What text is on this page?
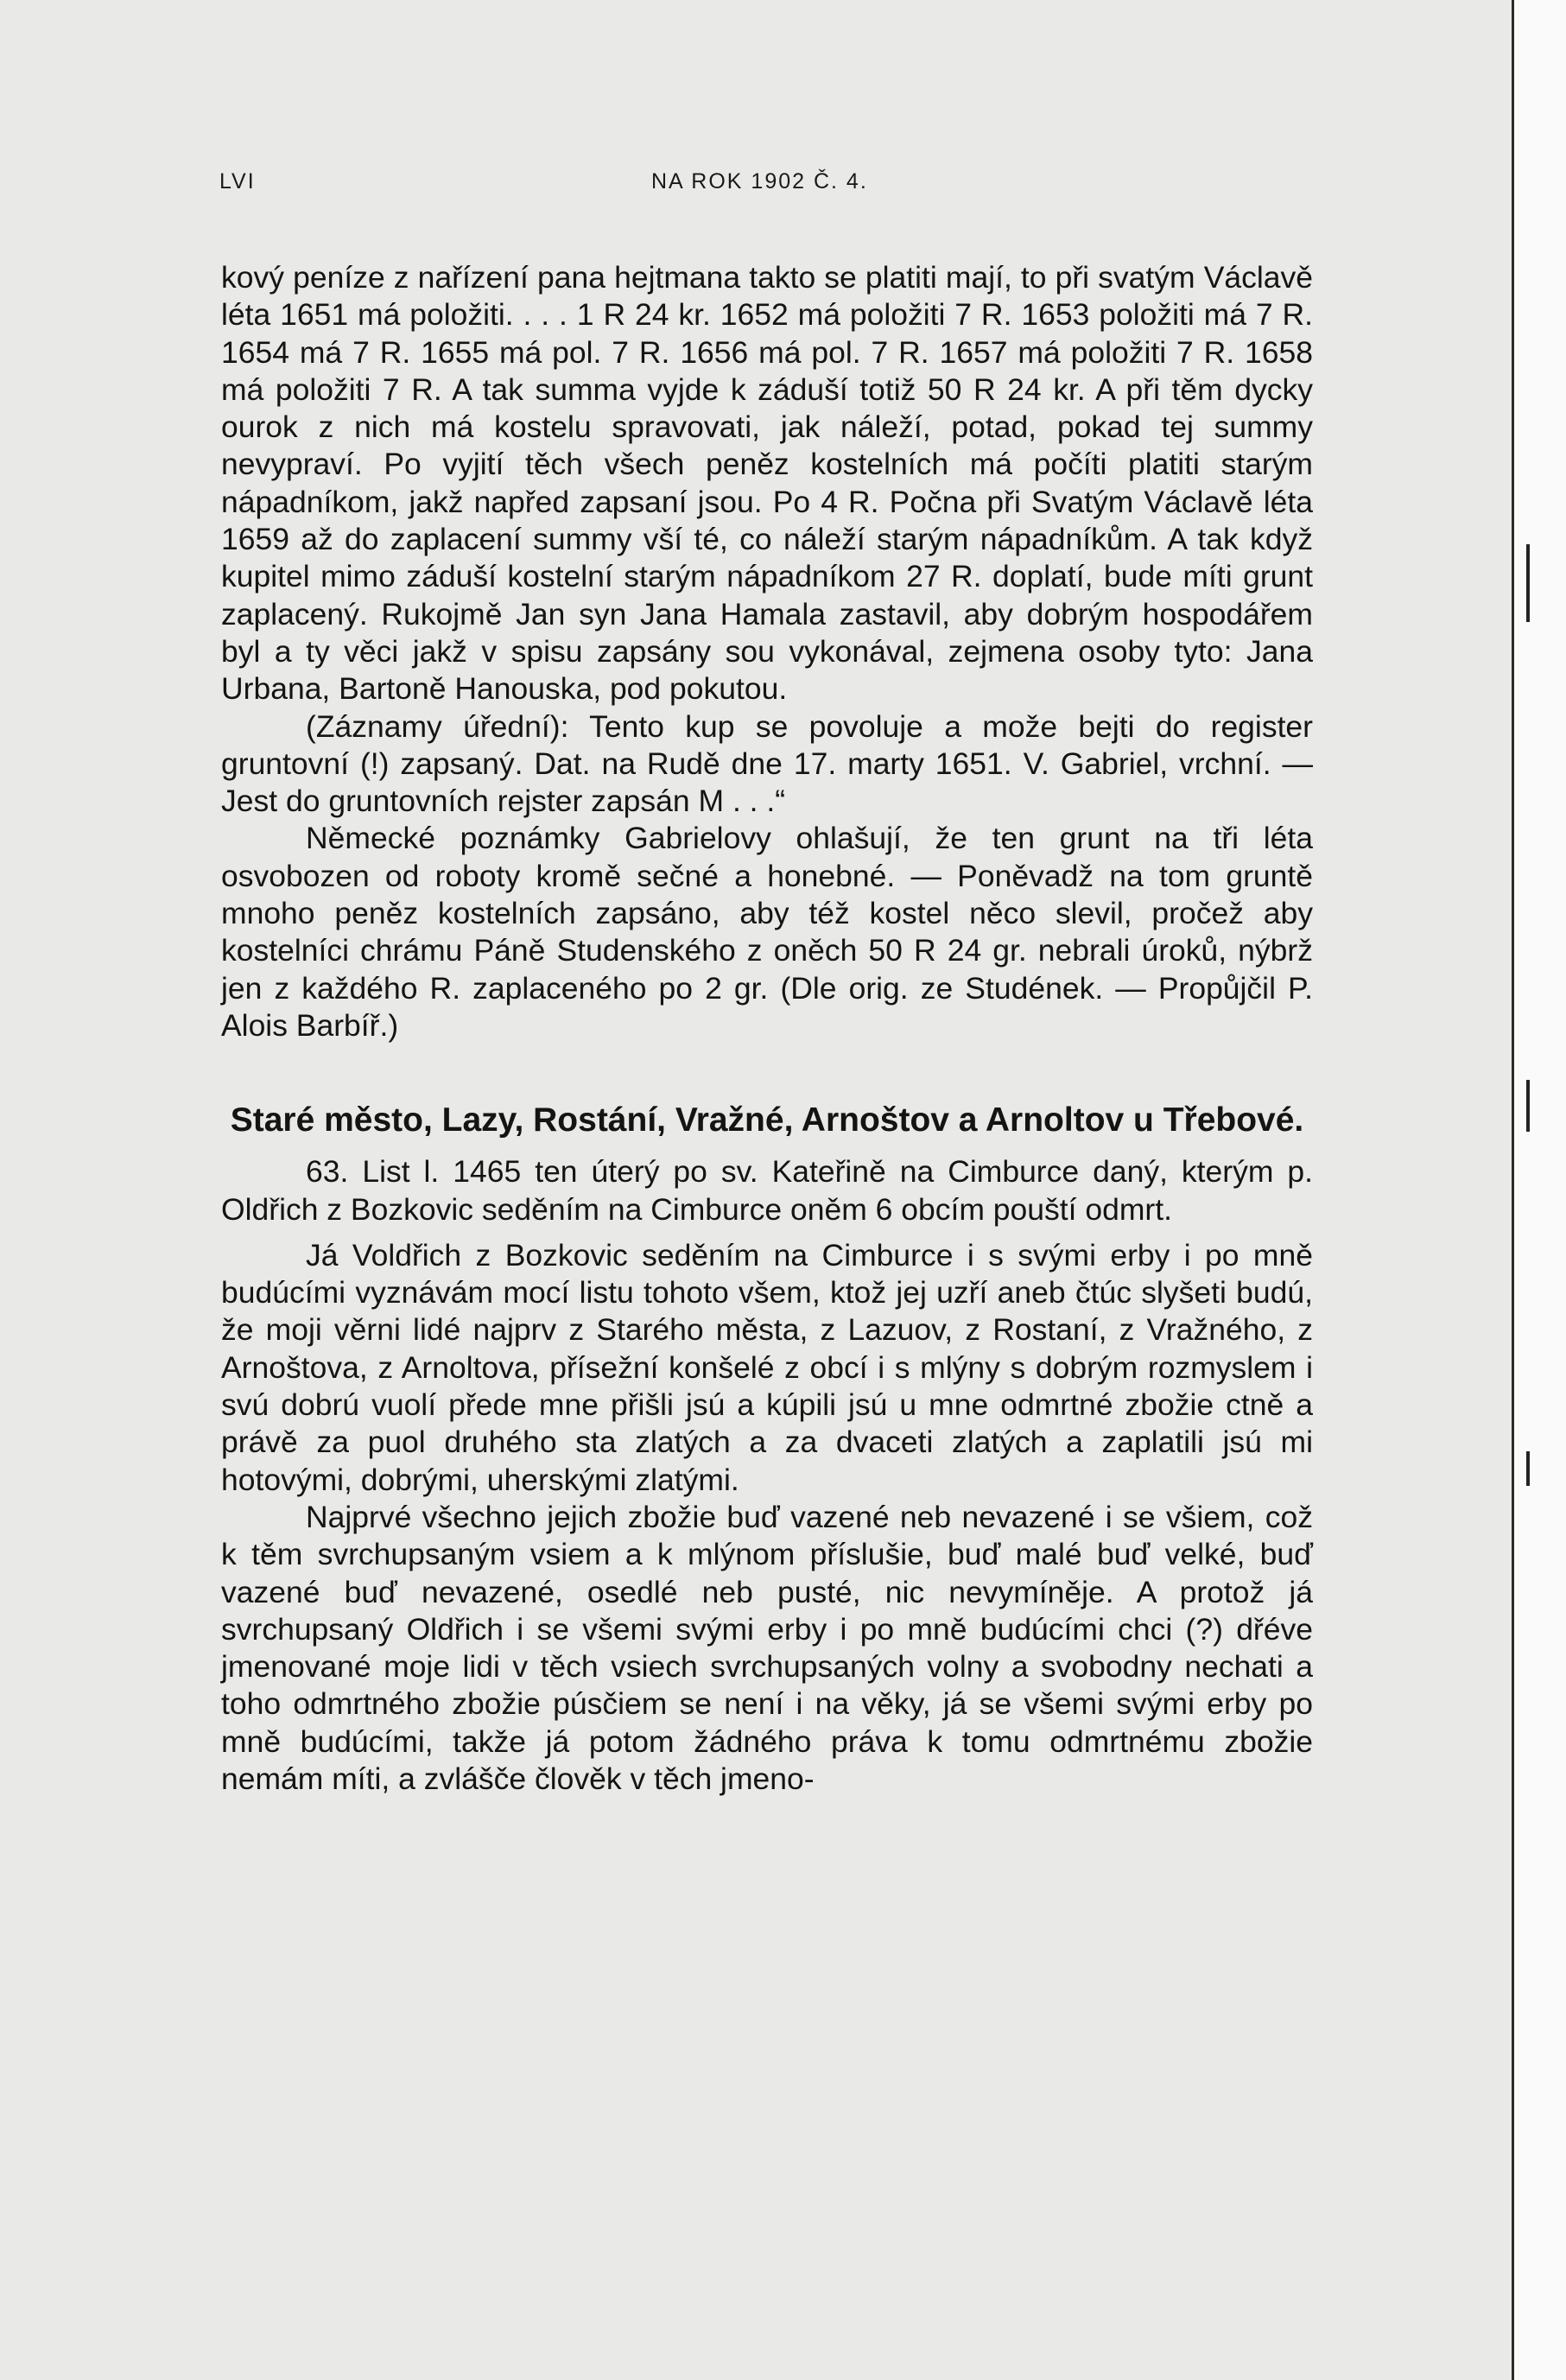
LVI	NA ROK 1902 Č. 4.

kový peníze z nařízení pana hejtmana takto se platiti mají, to při svatým Václavě léta 1651 má položiti. . . . 1 R 24 kr. 1652 má položiti 7 R. 1653 položiti má 7 R. 1654 má 7 R. 1655 má pol. 7 R. 1656 má pol. 7 R. 1657 má položiti 7 R. 1658 má položiti 7 R. A tak summa vyjde k záduší totiž 50 R 24 kr. A při těm dycky ourok z nich má kostelu spravovati, jak náleží, potad, pokad tej summy nevypraví. Po vyjití těch všech peněz kostelních má počíti platiti starým nápadníkom, jakž napřed zapsaní jsou. Po 4 R. Počna při Svatým Václavě léta 1659 až do zaplacení summy vší té, co náleží starým nápadníkům. A tak když kupitel mimo záduší kostelní starým nápadníkom 27 R. doplatí, bude míti grunt zaplacený. Rukojmě Jan syn Jana Hamala zastavil, aby dobrým hospodářem byl a ty věci jakž v spisu zapsány sou vykonával, zejmena osoby tyto: Jana Urbana, Bartoně Hanouska, pod pokutou.

(Záznamy úřední): Tento kup se povoluje a može bejti do register gruntovní (!) zapsaný. Dat. na Rudě dne 17. marty 1651. V. Gabriel, vrchní. — Jest do gruntovních rejster zapsán M . . .“

Německé poznámky Gabrielovy ohlašují, že ten grunt na tři léta osvobozen od roboty kromě sečné a honebné. — Poněvadž na tom gruntě mnoho peněz kostelních zapsáno, aby též kostel něco slevil, pročež aby kostelníci chrámu Páně Studenského z oněch 50 R 24 gr. nebrali úroků, nýbrž jen z každého R. zaplaceného po 2 gr. (Dle orig. ze Studének. — Propůjčil P. Alois Barbíř.)

Staré město, Lazy, Rostání, Vražné, Arnoštov a Arnoltov u Třebové.

63. List l. 1465 ten úterý po sv. Kateřině na Cimburce daný, kterým p. Oldřich z Bozkovic seděním na Cimburce oněm 6 obcím pouští odmrt.

Já Voldřich z Bozkovic seděním na Cimburce i s svými erby i po mně budúcími vyznávám mocí listu tohoto všem, ktož jej uzří aneb čtúc slyšeti budú, že moji věrni lidé najprv z Starého města, z Lazuov, z Rostaní, z Vražného, z Arnoštova, z Arnoltova, přísežní konšelé z obcí i s mlýny s dobrým rozmyslem i svú dobrú vuolí přede mne přišli jsú a kúpili jsú u mne odmrtné zbožie ctně a právě za puol druhého sta zlatých a za dvaceti zlatých a zaplatili jsú mi hotovými, dobrými, uherskými zlatými.

Najprvé všechno jejich zbožie buď vazené neb nevazené i se všiem, což k těm svrchupsaným vsiem a k mlýnom příslušie, buď malé buď velké, buď vazené buď nevazené, osedlé neb pusté, nic nevymíněje. A protož já svrchupsaný Oldřich i se všemi svými erby i po mně budúcími chci (?) dřéve jmenované moje lidi v těch vsiech svrchupsaných volny a svobodny nechati a toho odmrtného zbožie púsčiem se není i na věky, já se všemi svými erby po mně budúcími, takže já potom žádného práva k tomu odmrtnému zbožie nemám míti, a zvlášče člověk v těch jmeno-
